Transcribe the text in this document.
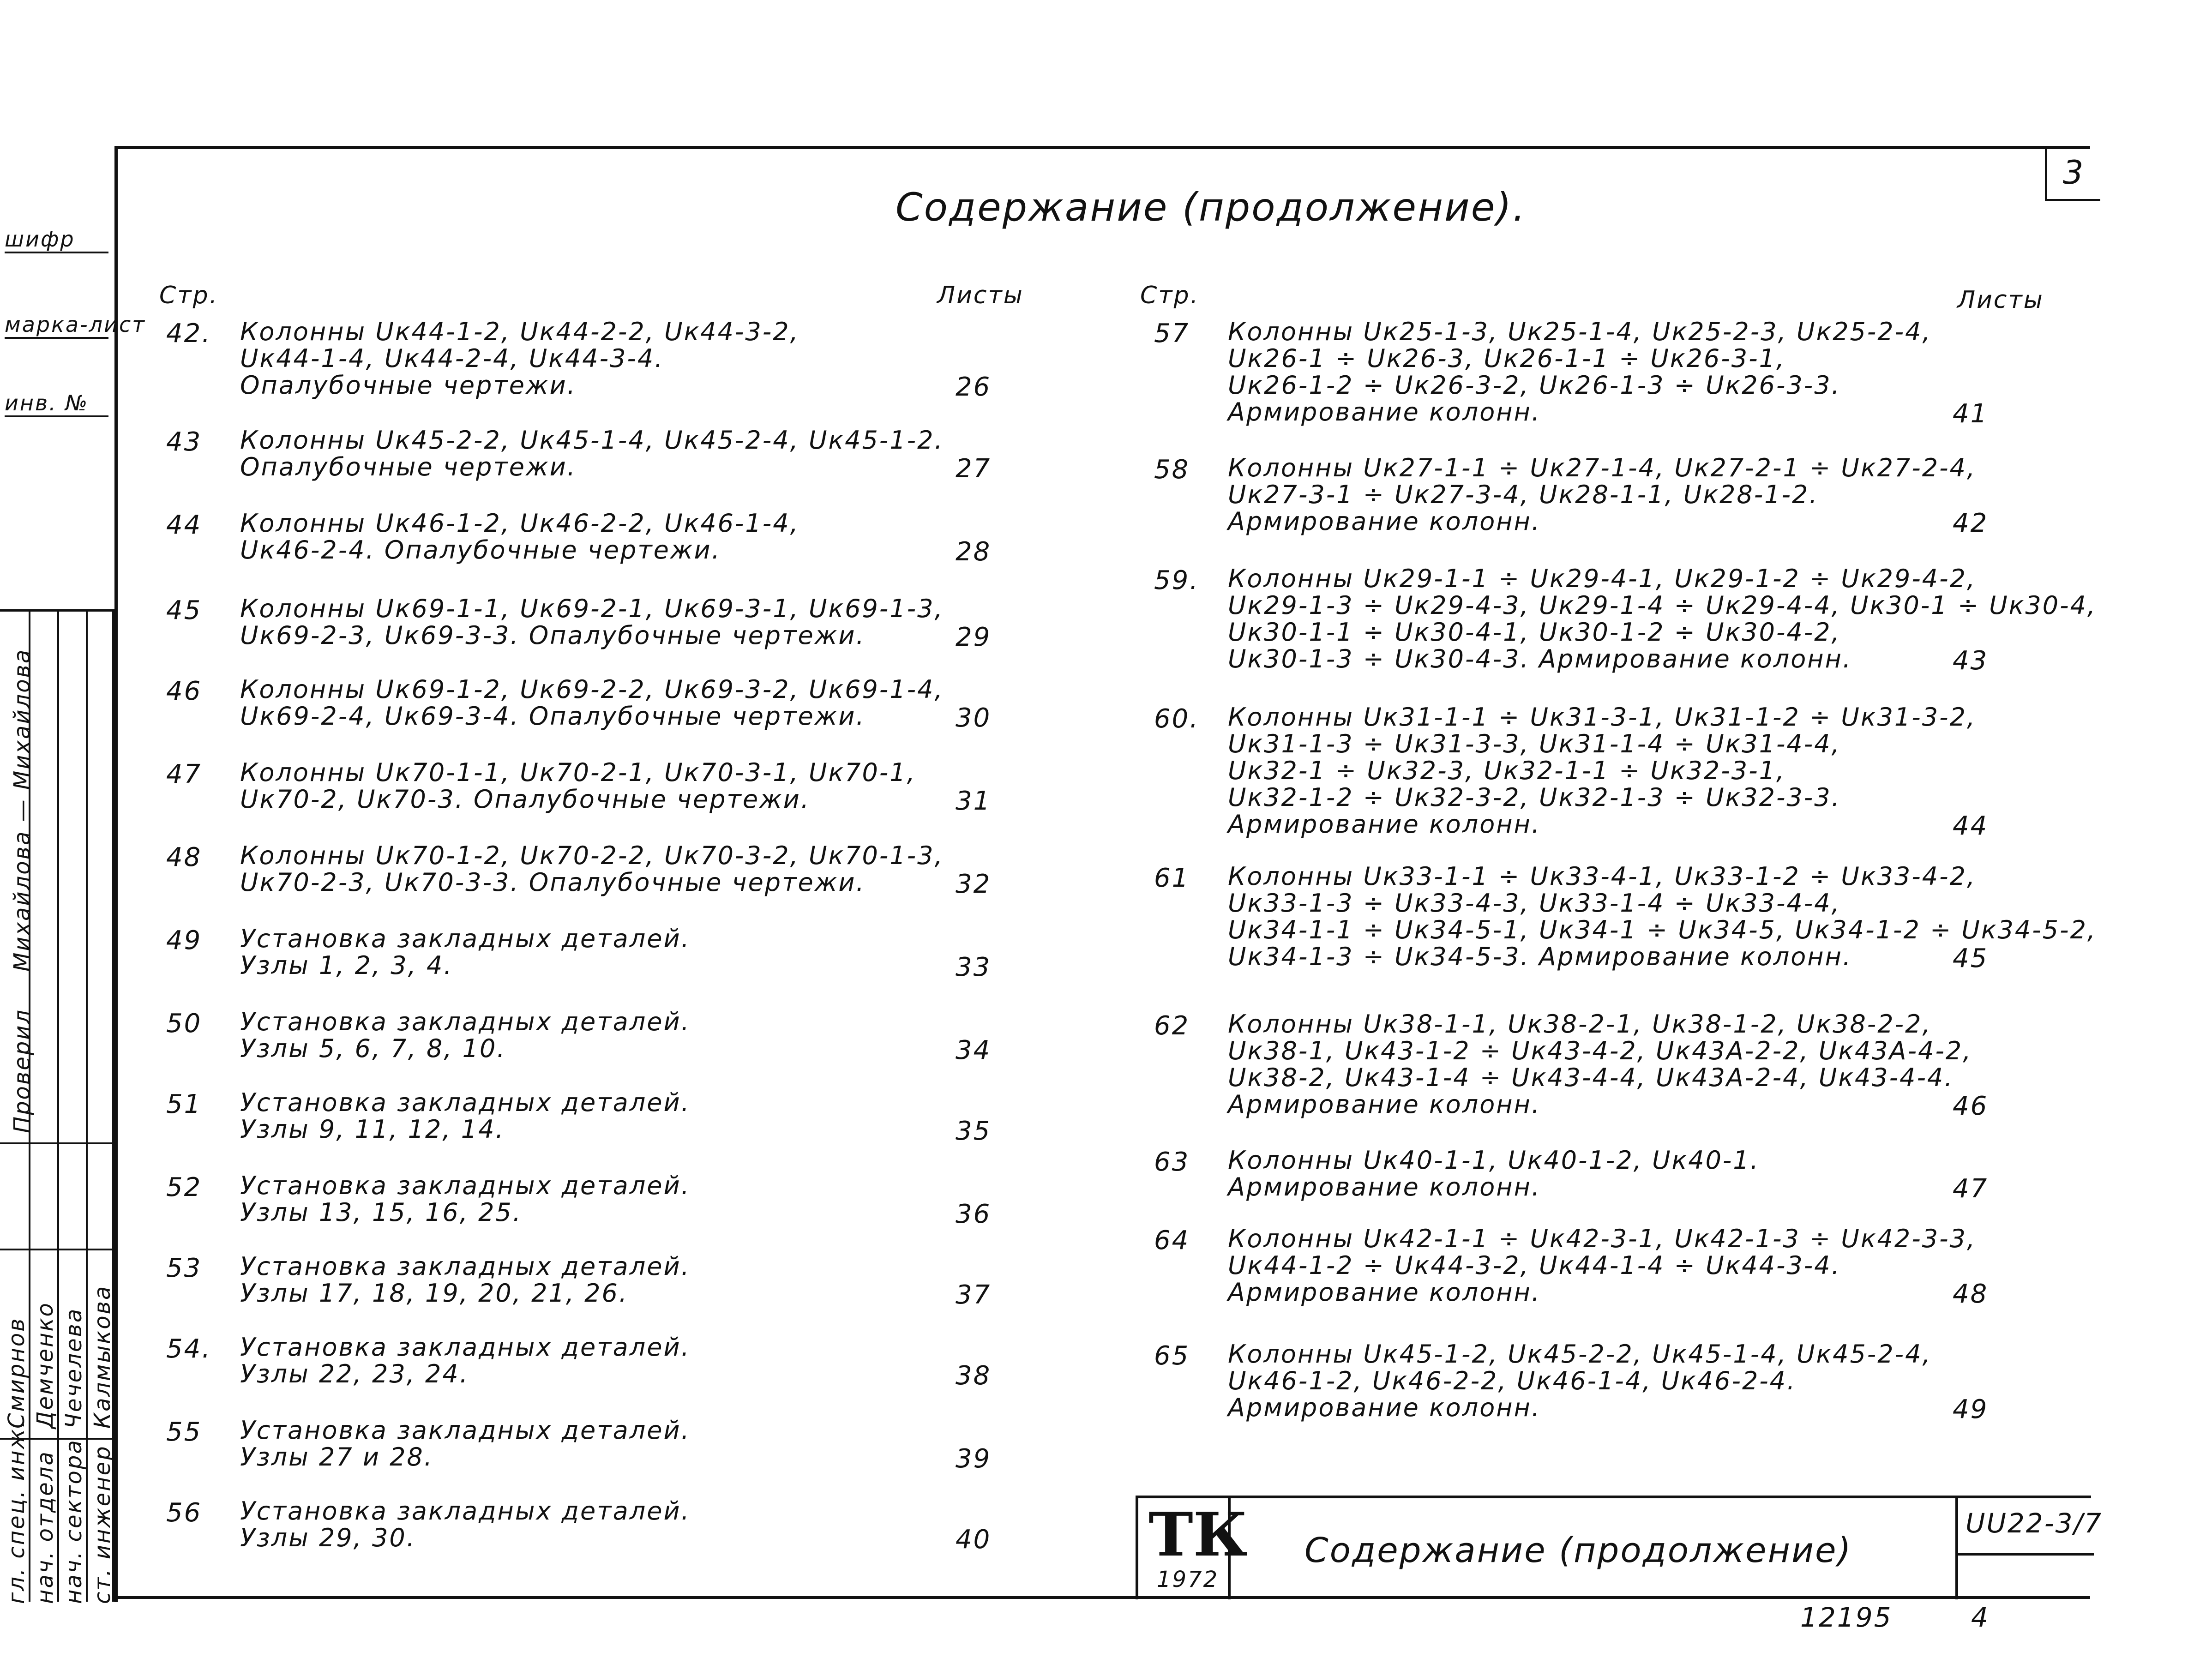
шифр
марка-лист
инв. №
гл. спец. инж. нач. отдела нач. сектора ст. инженер
Смирнов Демченко Чечелева Калмыкова
Проверил
Михайлова — Михайлова
3
Содержание (продолжение).
Стр.	Листы	Стр.	Листы
42. Колонны Uк44-1-2, Uк44-2-2, Uк44-3-2,
Uк44-1-4, Uк44-2-4, Uк44-3-4.
Опалубочные чертежи.	26
43 Колонны Uк45-2-2, Uк45-1-4, Uк45-2-4, Uк45-1-2.
Опалубочные чертежи.	27
44 Колонны Uк46-1-2, Uк46-2-2, Uк46-1-4,
Uк46-2-4. Опалубочные чертежи.	28
45 Колонны Uк69-1-1, Uк69-2-1, Uк69-3-1, Uк69-1-3,
Uк69-2-3, Uк69-3-3. Опалубочные чертежи.	29
46 Колонны Uк69-1-2, Uк69-2-2, Uк69-3-2, Uк69-1-4,
Uк69-2-4, Uк69-3-4. Опалубочные чертежи.	30
47 Колонны Uк70-1-1, Uк70-2-1, Uк70-3-1, Uк70-1,
Uк70-2, Uк70-3. Опалубочные чертежи.	31
48 Колонны Uк70-1-2, Uк70-2-2, Uк70-3-2, Uк70-1-3,
Uк70-2-3, Uк70-3-3. Опалубочные чертежи.	32
49 Установка закладных деталей.
Узлы 1, 2, 3, 4.	33
50 Установка закладных деталей.
Узлы 5, 6, 7, 8, 10.	34
51 Установка закладных деталей.
Узлы 9, 11, 12, 14.	35
52 Установка закладных деталей.
Узлы 13, 15, 16, 25.	36
53 Установка закладных деталей.
Узлы 17, 18, 19, 20, 21, 26.	37
54. Установка закладных деталей.
Узлы 22, 23, 24.	38
55 Установка закладных деталей.
Узлы 27 и 28.	39
56 Установка закладных деталей.
Узлы 29, 30.	40
57 Колонны Uк25-1-3, Uк25-1-4, Uк25-2-3, Uк25-2-4,
Uк26-1 ÷ Uк26-3, Uк26-1-1 ÷ Uк26-3-1,
Uк26-1-2 ÷ Uк26-3-2, Uк26-1-3 ÷ Uк26-3-3.
Армирование колонн.	41
58 Колонны Uк27-1-1 ÷ Uк27-1-4, Uк27-2-1 ÷ Uк27-2-4,
Uк27-3-1 ÷ Uк27-3-4, Uк28-1-1, Uк28-1-2.
Армирование колонн.	42
59. Колонны Uк29-1-1 ÷ Uк29-4-1, Uк29-1-2 ÷ Uк29-4-2,
Uк29-1-3 ÷ Uк29-4-3, Uк29-1-4 ÷ Uк29-4-4, Uк30-1 ÷ Uк30-4,
Uк30-1-1 ÷ Uк30-4-1, Uк30-1-2 ÷ Uк30-4-2,
Uк30-1-3 ÷ Uк30-4-3. Армирование колонн.	43
60. Колонны Uк31-1-1 ÷ Uк31-3-1, Uк31-1-2 ÷ Uк31-3-2,
Uк31-1-3 ÷ Uк31-3-3, Uк31-1-4 ÷ Uк31-4-4,
Uк32-1 ÷ Uк32-3, Uк32-1-1 ÷ Uк32-3-1,
Uк32-1-2 ÷ Uк32-3-2, Uк32-1-3 ÷ Uк32-3-3.
Армирование колонн.	44
61 Колонны Uк33-1-1 ÷ Uк33-4-1, Uк33-1-2 ÷ Uк33-4-2,
Uк33-1-3 ÷ Uк33-4-3, Uк33-1-4 ÷ Uк33-4-4,
Uк34-1-1 ÷ Uк34-5-1, Uк34-1 ÷ Uк34-5, Uк34-1-2 ÷ Uк34-5-2,
Uк34-1-3 ÷ Uк34-5-3. Армирование колонн.	45
62 Колонны Uк38-1-1, Uк38-2-1, Uк38-1-2, Uк38-2-2,
Uк38-1, Uк43-1-2 ÷ Uк43-4-2, Uк43А-2-2, Uк43А-4-2,
Uк38-2, Uк43-1-4 ÷ Uк43-4-4, Uк43А-2-4, Uк43-4-4.
Армирование колонн.	46
63 Колонны Uк40-1-1, Uк40-1-2, Uк40-1.
Армирование колонн.	47
64 Колонны Uк42-1-1 ÷ Uк42-3-1, Uк42-1-3 ÷ Uк42-3-3,
Uк44-1-2 ÷ Uк44-3-2, Uк44-1-4 ÷ Uк44-3-4.
Армирование колонн.	48
65 Колонны Uк45-1-2, Uк45-2-2, Uк45-1-4, Uк45-2-4,
Uк46-1-2, Uк46-2-2, Uк46-1-4, Uк46-2-4.
Армирование колонн.	49
ТК
1972
Содержание (продолжение)
UU22-3/7
12195	4
